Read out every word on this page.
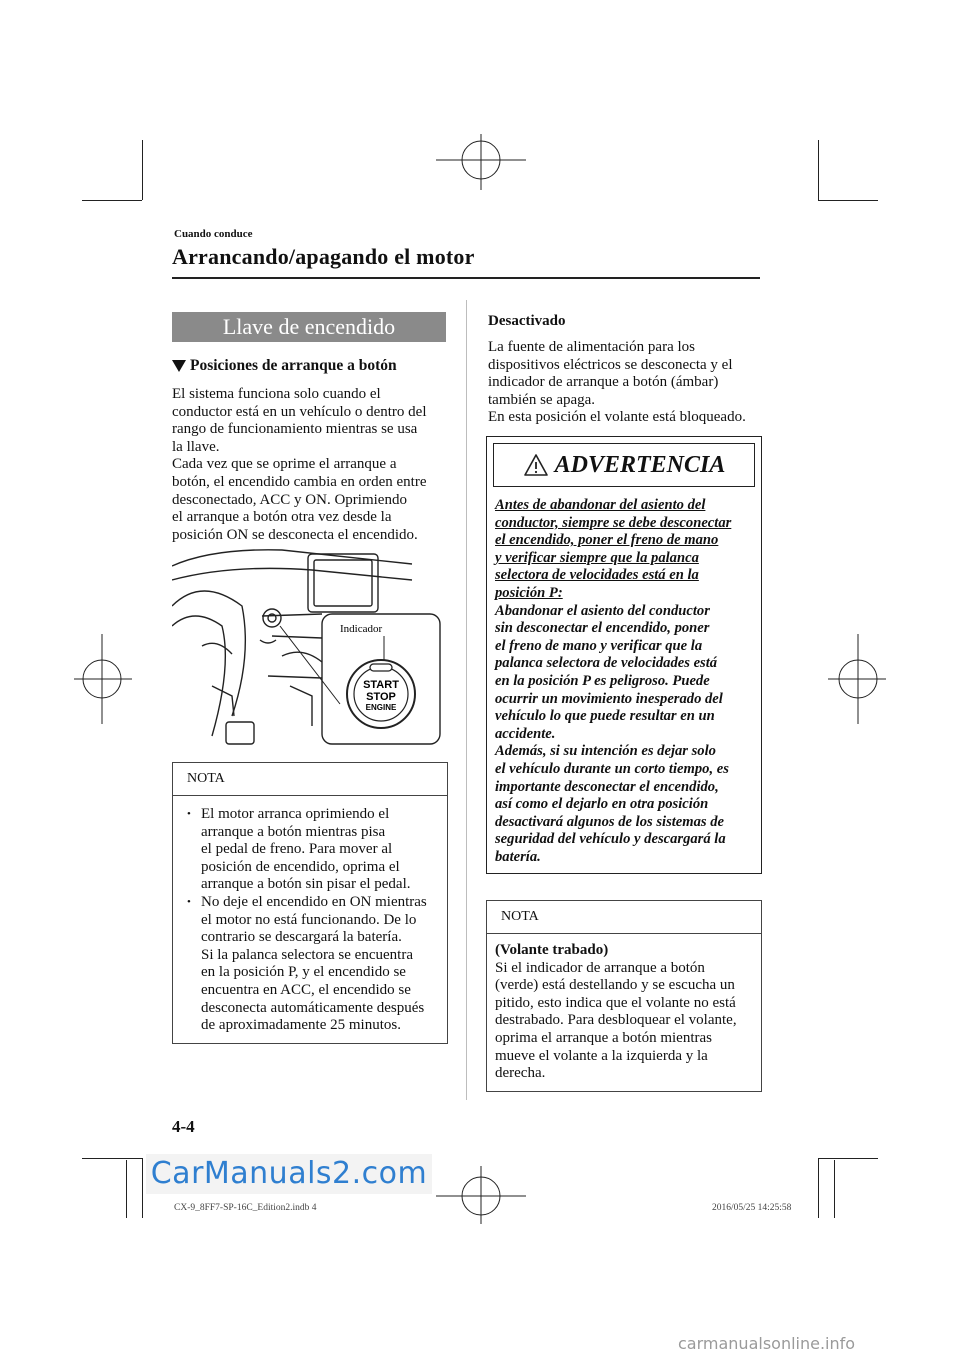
Cuando conduce
Arrancando/apagando el motor
Llave de encendido
Posiciones de arranque a botón
El sistema funciona solo cuando el
conductor está en un vehículo o dentro del
rango de funcionamiento mientras se usa
la llave.
Cada vez que se oprime el arranque a
botón, el encendido cambia en orden entre
desconectado, ACC y ON. Oprimiendo
el arranque a botón otra vez desde la
posición ON se desconecta el encendido.
Indicador
START
STOP
ENGINE
NOTA
• El motor arranca oprimiendo el
arranque a botón mientras pisa
el pedal de freno. Para mover al
posición de encendido, oprima el
arranque a botón sin pisar el pedal.
• No deje el encendido en ON mientras
el motor no está funcionando. De lo
contrario se descargará la batería.
Si la palanca selectora se encuentra
en la posición P, y el encendido se
encuentra en ACC, el encendido se
desconecta automáticamente después
de aproximadamente 25 minutos.
Desactivado
La fuente de alimentación para los
dispositivos eléctricos se desconecta y el
indicador de arranque a botón (ámbar)
también se apaga.
En esta posición el volante está bloqueado.
ADVERTENCIA
Antes de abandonar del asiento del
conductor, siempre se debe desconectar
el encendido, poner el freno de mano
y verificar siempre que la palanca
selectora de velocidades está en la
posición P:
Abandonar el asiento del conductor
sin desconectar el encendido, poner
el freno de mano y verificar que la
palanca selectora de velocidades está
en la posición P es peligroso. Puede
ocurrir un movimiento inesperado del
vehículo lo que puede resultar en un
accidente.
Además, si su intención es dejar solo
el vehículo durante un corto tiempo, es
importante desconectar el encendido,
así como el dejarlo en otra posición
desactivará algunos de los sistemas de
seguridad del vehículo y descargará la
batería.
NOTA
(Volante trabado)
Si el indicador de arranque a botón
(verde) está destellando y se escucha un
pitido, esto indica que el volante no está
destrabado. Para desbloquear el volante,
oprima el arranque a botón mientras
mueve el volante a la izquierda y la
derecha.
4-4
CarManuals2.com
CX-9_8FF7-SP-16C_Edition2.indb 4	2016/05/25 14:25:58
carmanualsonline.info
